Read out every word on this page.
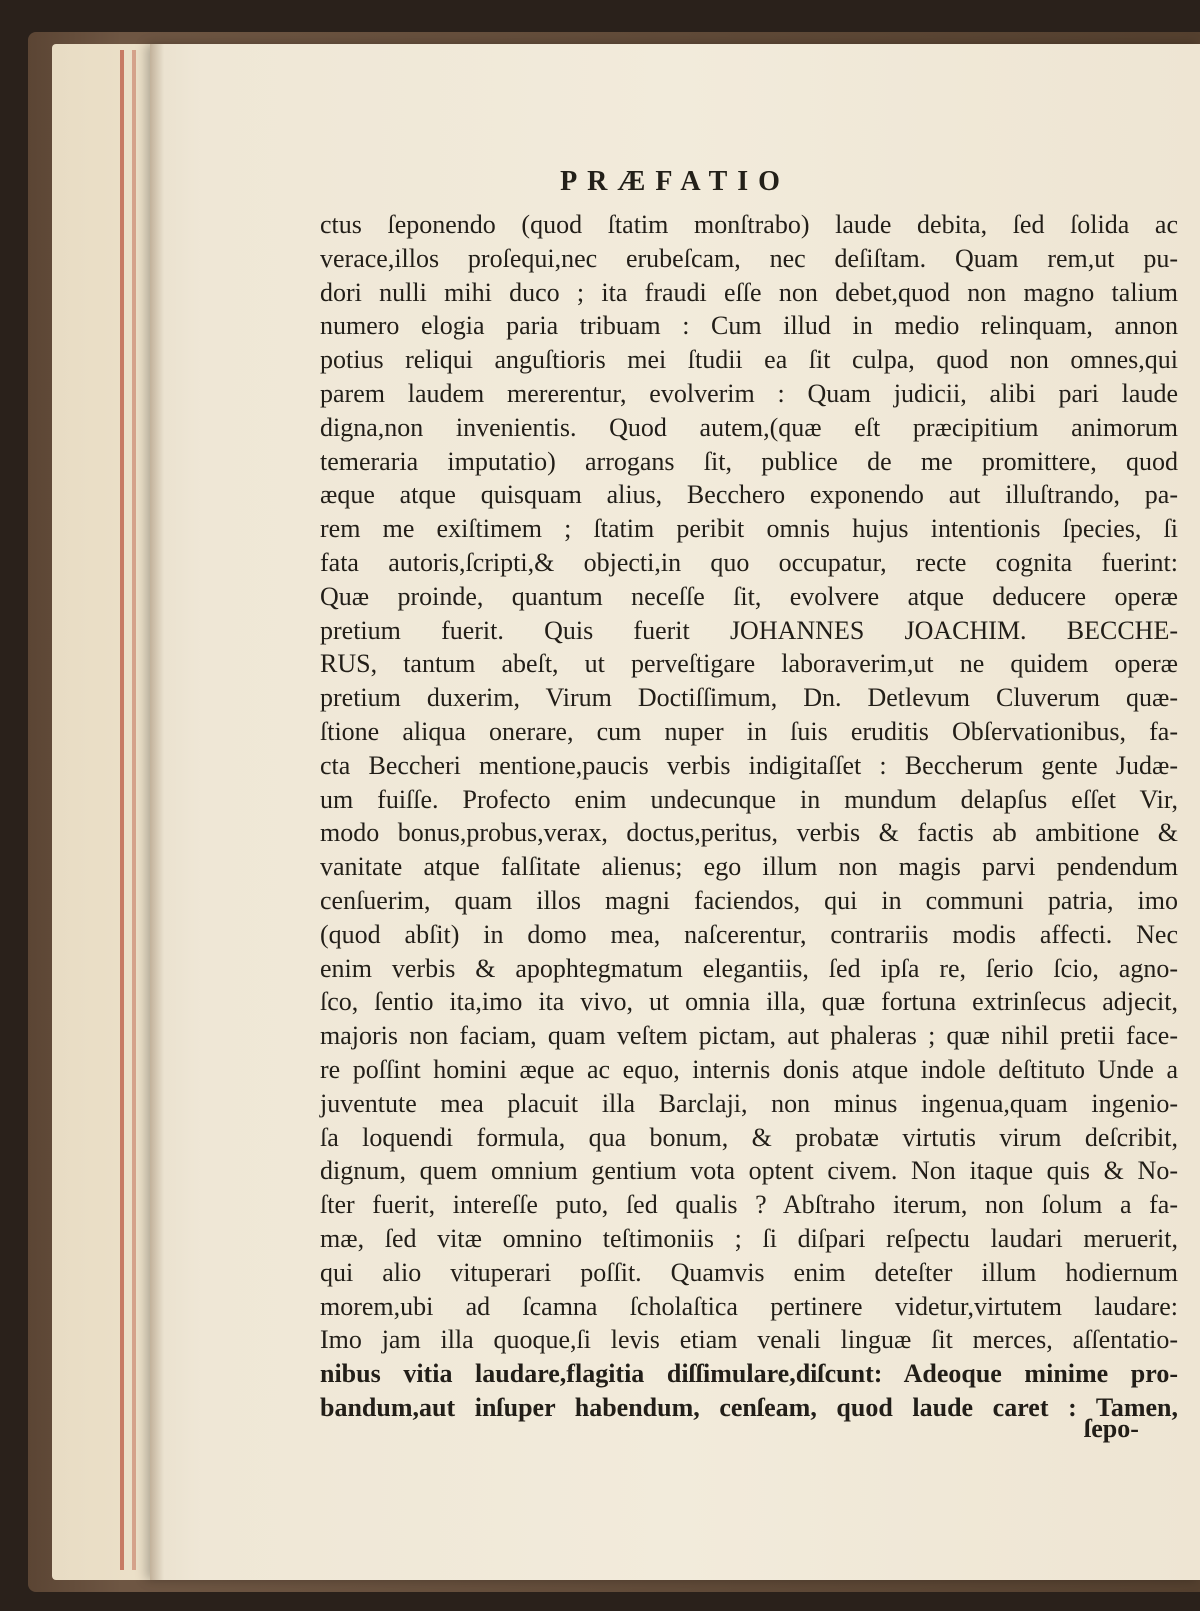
PRÆFATIO
ctus ſeponendo (quod ſtatim monſtrabo) laude debita, ſed ſolida ac
verace,illos proſequi,nec erubeſcam, nec deſiſtam. Quam rem,ut pu-
dori nulli mihi duco ; ita fraudi eſſe non debet,quod non magno talium
numero elogia paria tribuam : Cum illud in medio relinquam, annon
potius reliqui anguſtioris mei ſtudii ea ſit culpa, quod non omnes,qui
parem laudem mererentur, evolverim : Quam judicii, alibi pari laude
digna,non invenientis. Quod autem,(quæ eſt præcipitium animorum
temeraria imputatio) arrogans ſit, publice de me promittere, quod
æque atque quisquam alius, Becchero exponendo aut illuſtrando, pa-
rem me exiſtimem ; ſtatim peribit omnis hujus intentionis ſpecies, ſi
fata autoris,ſcripti,& objecti,in quo occupatur, recte cognita fuerint:
Quæ proinde, quantum neceſſe ſit, evolvere atque deducere operæ
pretium fuerit. Quis fuerit JOHANNES JOACHIM. BECCHE-
RUS, tantum abeſt, ut perveſtigare laboraverim,ut ne quidem operæ
pretium duxerim, Virum Doctiſſimum, Dn. Detlevum Cluverum quæ-
ſtione aliqua onerare, cum nuper in ſuis eruditis Obſervationibus, fa-
cta Beccheri mentione,paucis verbis indigitaſſet : Beccherum gente Judæ-
um fuiſſe. Profecto enim undecunque in mundum delapſus eſſet Vir,
modo bonus,probus,verax, doctus,peritus, verbis & factis ab ambitione &
vanitate atque falſitate alienus; ego illum non magis parvi pendendum
cenſuerim, quam illos magni faciendos, qui in communi patria, imo
(quod abſit) in domo mea, naſcerentur, contrariis modis affecti. Nec
enim verbis & apophtegmatum elegantiis, ſed ipſa re, ſerio ſcio, agno-
ſco, ſentio ita,imo ita vivo, ut omnia illa, quæ fortuna extrinſecus adjecit,
majoris non faciam, quam veſtem pictam, aut phaleras ; quæ nihil pretii face-
re poſſint homini æque ac equo, internis donis atque indole deſtituto Unde a
juventute mea placuit illa Barclaji, non minus ingenua,quam ingenio-
ſa loquendi formula, qua bonum, & probatæ virtutis virum deſcribit,
dignum, quem omnium gentium vota optent civem. Non itaque quis & No-
ſter fuerit, intereſſe puto, ſed qualis ? Abſtraho iterum, non ſolum a fa-
mæ, ſed vitæ omnino teſtimoniis ; ſi diſpari reſpectu laudari meruerit,
qui alio vituperari poſſit. Quamvis enim deteſter illum hodiernum
morem,ubi ad ſcamna ſcholaſtica pertinere videtur,virtutem laudare:
Imo jam illa quoque,ſi levis etiam venali linguæ ſit merces, aſſentatio-
nibus vitia laudare,flagitia diſſimulare,diſcunt: Adeoque minime pro-
bandum,aut inſuper habendum, cenſeam, quod laude caret : Tamen,
ſepo-
